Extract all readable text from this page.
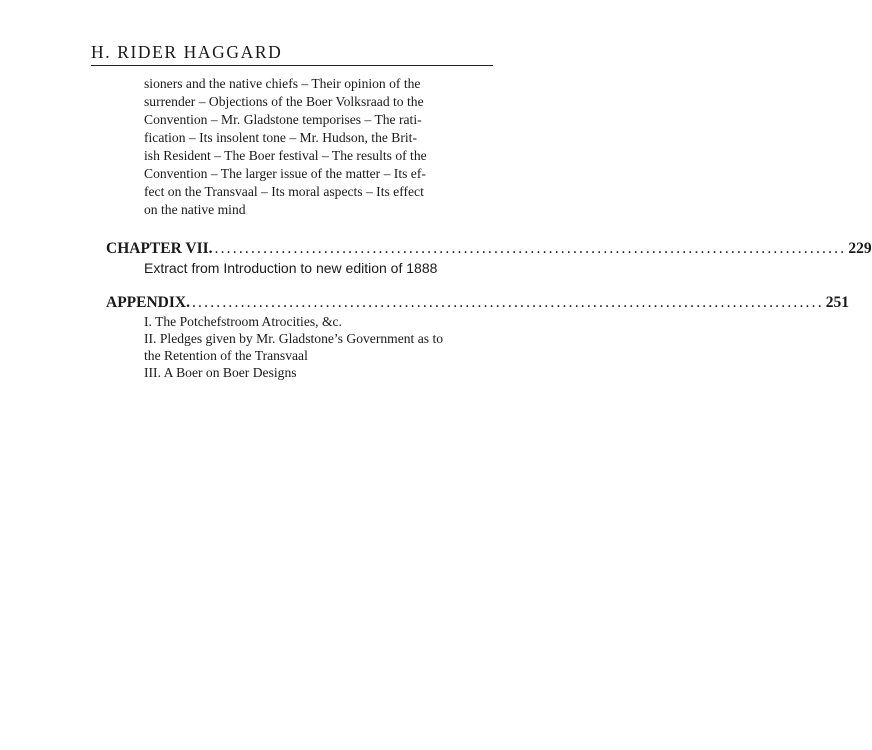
H. RIDER HAGGARD
sioners and the native chiefs – Their opinion of the
surrender – Objections of the Boer Volksraad to the
Convention – Mr. Gladstone temporises – The rati-
fication – Its insolent tone – Mr. Hudson, the Brit-
ish Resident – The Boer festival – The results of the
Convention – The larger issue of the matter – Its ef-
fect on the Transvaal – Its moral aspects – Its effect
on the native mind
CHAPTER VII. ........................................................................................................ 229
Extract from Introduction to new edition of 1888
APPENDIX. ........................................................................................................ 251
I. The Potchefstroom Atrocities, &c.
II. Pledges given by Mr. Gladstone’s Government as to
the Retention of the Transvaal
III. A Boer on Boer Designs
